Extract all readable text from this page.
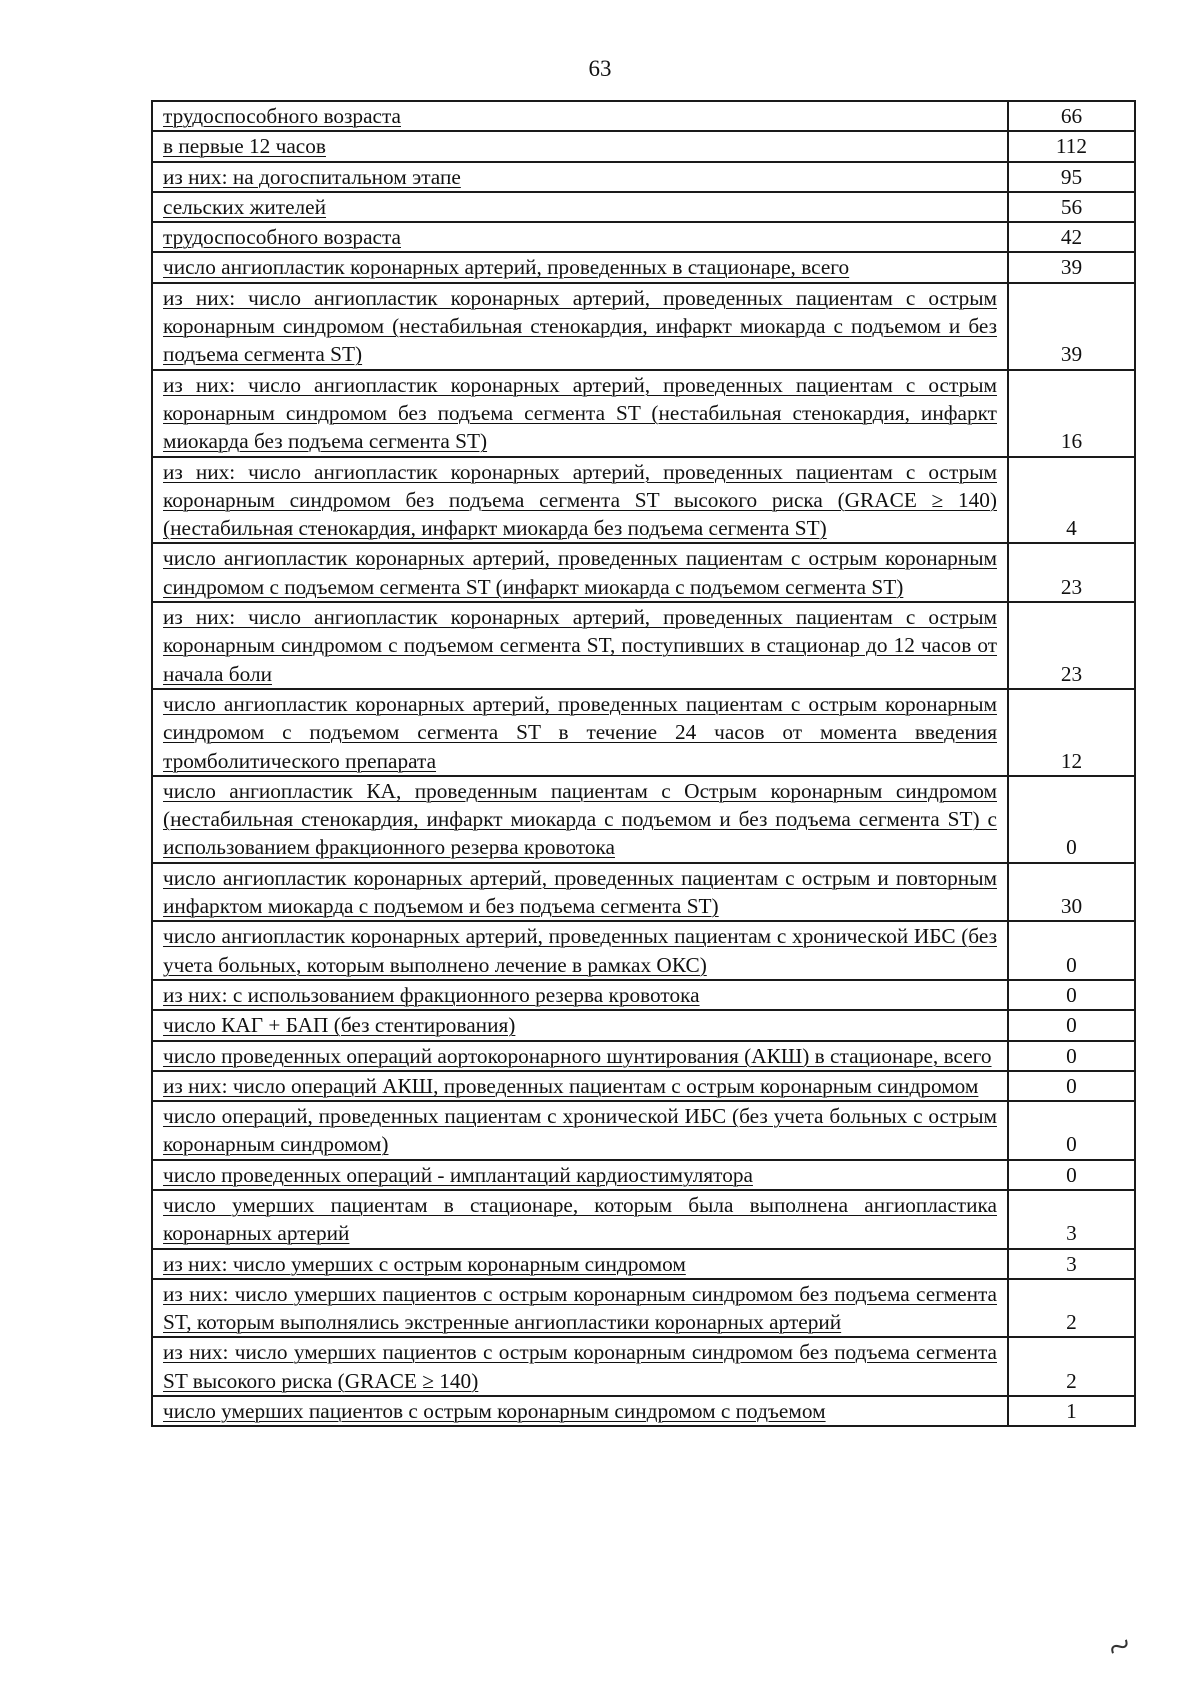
63
трудоспособного возраста	66
в первые 12 часов	112
из них: на догоспитальном этапе	95
сельских жителей	56
трудоспособного возраста	42
число ангиопластик коронарных артерий, проведенных в стационаре, всего	39
из них: число ангиопластик коронарных артерий, проведенных пациентам с острым коронарным синдромом (нестабильная стенокардия, инфаркт миокарда с подъемом и без подъема сегмента ST)	39
из них: число ангиопластик коронарных артерий, проведенных пациентам с острым коронарным синдромом без подъема сегмента ST (нестабильная стенокардия, инфаркт миокарда без подъема сегмента ST)	16
из них: число ангиопластик коронарных артерий, проведенных пациентам с острым коронарным синдромом без подъема сегмента ST высокого риска (GRACE ≥ 140) (нестабильная стенокардия, инфаркт миокарда без подъема сегмента ST)	4
число ангиопластик коронарных артерий, проведенных пациентам с острым коронарным синдромом с подъемом сегмента ST (инфаркт миокарда с подъемом сегмента ST)	23
из них: число ангиопластик коронарных артерий, проведенных пациентам с острым коронарным синдромом с подъемом сегмента ST, поступивших в стационар до 12 часов от начала боли	23
число ангиопластик коронарных артерий, проведенных пациентам с острым коронарным синдромом с подъемом сегмента ST в течение 24 часов от момента введения тромболитического препарата	12
число ангиопластик КА, проведенным пациентам с Острым коронарным синдромом (нестабильная стенокардия, инфаркт миокарда с подъемом и без подъема сегмента ST) с использованием фракционного резерва кровотока	0
число ангиопластик коронарных артерий, проведенных пациентам с острым и повторным инфарктом миокарда с подъемом и без подъема сегмента ST)	30
число ангиопластик коронарных артерий, проведенных пациентам с хронической ИБС (без учета больных, которым выполнено лечение в рамках ОКС)	0
из них: с использованием фракционного резерва кровотока	0
число КАГ + БАП (без стентирования)	0
число проведенных операций аортокоронарного шунтирования (АКШ) в стационаре, всего	0
из них: число операций АКШ, проведенных пациентам с острым коронарным синдромом	0
число операций, проведенных пациентам с хронической ИБС (без учета больных с острым коронарным синдромом)	0
число проведенных операций - имплантаций кардиостимулятора	0
число умерших пациентам в стационаре, которым была выполнена ангиопластика коронарных артерий	3
из них: число умерших с острым коронарным синдромом	3
из них: число умерших пациентов с острым коронарным синдромом без подъема сегмента ST, которым выполнялись экстренные ангиопластики коронарных артерий	2
из них: число умерших пациентов с острым коронарным синдромом без подъема сегмента ST высокого риска (GRACE ≥ 140)	2
число умерших пациентов с острым коронарным синдромом с подъемом	1
~
